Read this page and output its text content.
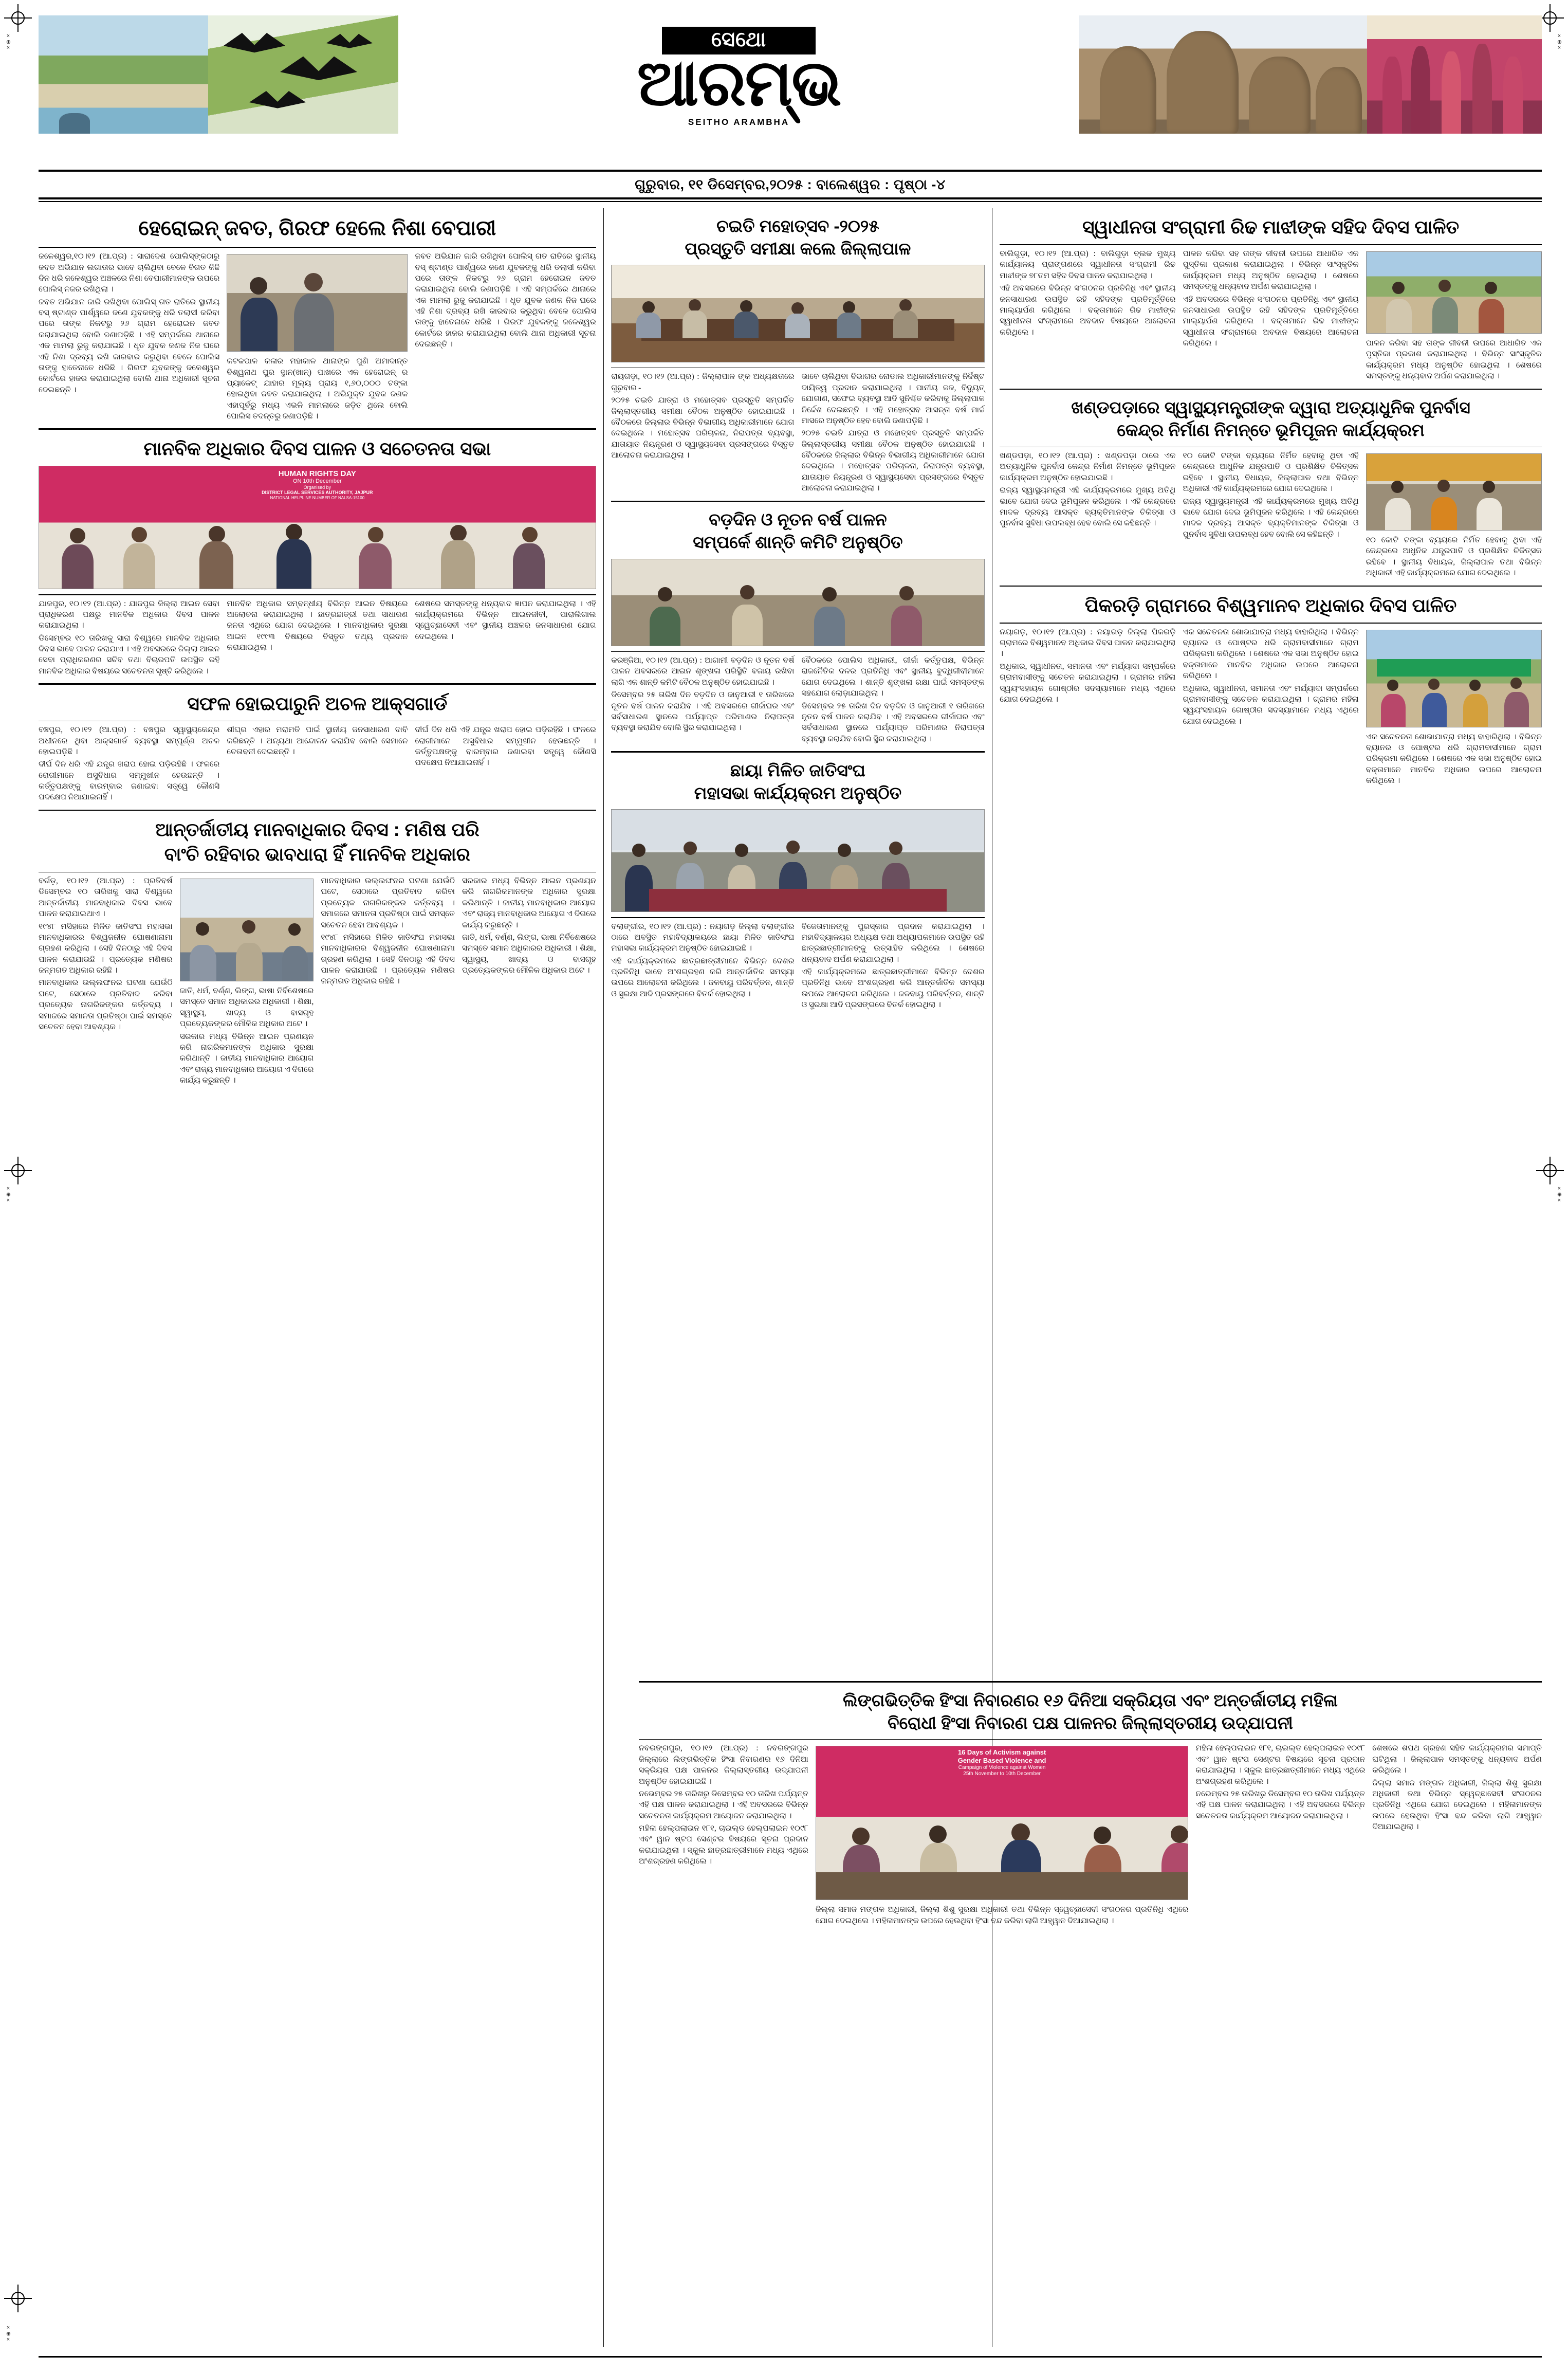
×⊕×	×⊕×
×⊕×	×⊕×
×⊕×
ସେଥୋ
ଆରମ୍ଭ
SEITHO ARAMBHA
ଗୁରୁବାର, ୧୧ ଡିସେମ୍ବର,୨୦୨୫ : ବାଲେଶ୍ୱର : ପୃଷ୍ଠା -୪
ହେରୋଇନ୍ ଜବତ, ଗିରଫ ହେଲେ ନିଶା ବେପାରୀ

ଜଳେଶ୍ୱର,୧୦।୧୨ (ଆ.ପ୍ର) : ସାରାଦେଶ ପୋଲିସ୍‌ଙ୍କଠାରୁ ଜବତ ଅଭିଯାନ ଲଗାତାର ଭାବେ ଚାଲିଥିବା ବେଳେ ବିଗତ କିଛି ଦିନ ଧରି ଜଳେଶ୍ୱର ଅଞ୍ଚଳରେ ନିଶା ବେପାରୀମାନଙ୍କ ଉପରେ ପୋଲିସ୍ ନଜର ରଖିଥିଲା ।

ଜବତ ଅଭିଯାନ ଜାରି ରଖିଥିବା ପୋଲିସ୍ ଗତ ରାତିରେ ସ୍ଥାନୀୟ ବସ୍ ଷ୍ଟାଣ୍ଡ ପାର୍ଶ୍ୱରେ ଜଣେ ଯୁବକଙ୍କୁ ଧରି ତଲାସୀ କରିବା ପରେ ତାଙ୍କ ନିକଟରୁ ୨୬ ଗ୍ରାମ ହେରୋଇନ ଜବତ କରାଯାଇଥିଲା ବୋଲି ଜଣାପଡ଼ିଛି । ଏହି ସମ୍ପର୍କରେ ଥାନାରେ ଏକ ମାମଲା ରୁଜୁ କରାଯାଇଛି । ଧୃତ ଯୁବକ ଜଣକ ନିଜ ଘରେ ଏହି ନିଶା ଦ୍ରବ୍ୟ ରଖି କାରବାର କରୁଥିବା ବେଳେ ପୋଲିସ ତାଙ୍କୁ ହାତେନାତେ ଧରିଛି । ଗିରଫ ଯୁବକଙ୍କୁ ଜଳେଶ୍ୱର କୋର୍ଟରେ ହାଜର କରାଯାଇଥିଲା ବୋଲି ଥାନା ଅଧିକାରୀ ସୂଚନା ଦେଇଛନ୍ତି ।

କଟକପାଳ କଳାର ମହାକାଳ ଥାନାଙ୍କ ପୁଣି ଅମାଦାନ୍ତ ବିଶ୍ୱନାଥ ପୁର ସ୍ଥାନ(ଖାନ୍) ପାଖରେ ଏକ ହେରୋଇନ୍ ର ପ୍ୟାକେଟ୍ ଯାହାର ମୂଲ୍ୟ ପ୍ରାୟ ୧,୬୦,୦୦୦ ଟଙ୍କା ହୋଇଥିବା ଜବତ କରାଯାଇଥିଲା । ଅଭିଯୁକ୍ତ ଯୁବକ ଜଣକ ଏହାପୂର୍ବରୁ ମଧ୍ୟ ଏଭଳି ମାମଲାରେ ଜଡ଼ିତ ଥିଲେ ବୋଲି ପୋଲିସ ତଦନ୍ତରୁ ଜଣାପଡ଼ିଛି ।

ଜବତ ଅଭିଯାନ ଜାରି ରଖିଥିବା ପୋଲିସ୍ ଗତ ରାତିରେ ସ୍ଥାନୀୟ ବସ୍ ଷ୍ଟାଣ୍ଡ ପାର୍ଶ୍ୱରେ ଜଣେ ଯୁବକଙ୍କୁ ଧରି ତଲାସୀ କରିବା ପରେ ତାଙ୍କ ନିକଟରୁ ୨୬ ଗ୍ରାମ ହେରୋଇନ ଜବତ କରାଯାଇଥିଲା ବୋଲି ଜଣାପଡ଼ିଛି । ଏହି ସମ୍ପର୍କରେ ଥାନାରେ ଏକ ମାମଲା ରୁଜୁ କରାଯାଇଛି । ଧୃତ ଯୁବକ ଜଣକ ନିଜ ଘରେ ଏହି ନିଶା ଦ୍ରବ୍ୟ ରଖି କାରବାର କରୁଥିବା ବେଳେ ପୋଲିସ ତାଙ୍କୁ ହାତେନାତେ ଧରିଛି । ଗିରଫ ଯୁବକଙ୍କୁ ଜଳେଶ୍ୱର କୋର୍ଟରେ ହାଜର କରାଯାଇଥିଲା ବୋଲି ଥାନା ଅଧିକାରୀ ସୂଚନା ଦେଇଛନ୍ତି ।

ମାନବିକ ଅଧିକାର ଦିବସ ପାଳନ ଓ ସଚେତନତା ସଭା
HUMAN RIGHTS DAY
ON 10th December
Organised by
DISTRICT LEGAL SERVICES AUTHORITY, JAJPUR
NATIONAL HELPLINE NUMBER OF NALSA-15100

ଯାଜପୁର, ୧୦।୧୨ (ଆ.ପ୍ର) : ଯାଜପୁର ଜିଲ୍ଲା ଆଇନ ସେବା ପ୍ରାଧିକରଣ ପକ୍ଷରୁ ମାନବିକ ଅଧିକାର ଦିବସ ପାଳନ କରାଯାଇଥିଲା ।

ଡିସେମ୍ବର ୧୦ ତାରିଖକୁ ସାରା ବିଶ୍ୱରେ ମାନବିକ ଅଧିକାର ଦିବସ ଭାବେ ପାଳନ କରାଯାଏ । ଏହି ଅବସରରେ ଜିଲ୍ଲା ଆଇନ ସେବା ପ୍ରାଧିକରଣର ସଚିବ ତଥା ବିଚାରପତି ଉପସ୍ଥିତ ରହି ମାନବିକ ଅଧିକାର ବିଷୟରେ ସଚେତନତା ସୃଷ୍ଟି କରିଥିଲେ ।

ମାନବିକ ଅଧିକାର ସମ୍ବନ୍ଧୀୟ ବିଭିନ୍ନ ଆଇନ ବିଷୟରେ ଆଲୋଚନା କରାଯାଇଥିଲା । ଛାତ୍ରଛାତ୍ରୀ ତଥା ସାଧାରଣ ଜନତା ଏଥିରେ ଯୋଗ ଦେଇଥିଲେ । ମାନବାଧିକାର ସୁରକ୍ଷା ଆଇନ ୧୯୯୩ ବିଷୟରେ ବିସ୍ତୃତ ତଥ୍ୟ ପ୍ରଦାନ କରାଯାଇଥିଲା ।

ଶେଷରେ ସମସ୍ତଙ୍କୁ ଧନ୍ୟବାଦ ଜ୍ଞାପନ କରାଯାଇଥିଲା । ଏହି କାର୍ଯ୍ୟକ୍ରମରେ ବିଭିନ୍ନ ଆଇନଜୀବୀ, ପାରାଲିଗାଲ ସ୍ୱେଚ୍ଛାସେବୀ ଏବଂ ସ୍ଥାନୀୟ ଅଞ୍ଚଳର ଜନସାଧାରଣ ଯୋଗ ଦେଇଥିଲେ ।

ସଫଳ ହୋଇପାରୁନି ଅଚଳ ଆକ୍ସଗାର୍ଡ

ବଞ୍ଚପୁର, ୧୦।୧୨ (ଆ.ପ୍ର) : ବଞ୍ଚପୁର ସ୍ୱାସ୍ଥ୍ୟକେନ୍ଦ୍ର ଅଧୀନରେ ଥିବା ଆକ୍ସଗାର୍ଡ ବ୍ୟବସ୍ଥା ସମ୍ପୂର୍ଣ୍ଣ ଅଚଳ ହୋଇପଡ଼ିଛି ।

ଦୀର୍ଘ ଦିନ ଧରି ଏହି ଯନ୍ତ୍ର ଖରାପ ହୋଇ ପଡ଼ିରହିଛି । ଫଳରେ ରୋଗୀମାନେ ଅସୁବିଧାର ସମ୍ମୁଖୀନ ହେଉଛନ୍ତି । କର୍ତ୍ତୃପକ୍ଷଙ୍କୁ ବାରମ୍ବାର ଜଣାଇବା ସତ୍ତ୍ୱେ କୌଣସି ପଦକ୍ଷେପ ନିଆଯାଇନାହିଁ ।

ଶୀଘ୍ର ଏହାର ମରାମତି ପାଇଁ ସ୍ଥାନୀୟ ଜନସାଧାରଣ ଦାବି କରିଛନ୍ତି । ଅନ୍ୟଥା ଆନ୍ଦୋଳନ କରାଯିବ ବୋଲି ସେମାନେ ଚେତାବନୀ ଦେଇଛନ୍ତି ।

ଦୀର୍ଘ ଦିନ ଧରି ଏହି ଯନ୍ତ୍ର ଖରାପ ହୋଇ ପଡ଼ିରହିଛି । ଫଳରେ ରୋଗୀମାନେ ଅସୁବିଧାର ସମ୍ମୁଖୀନ ହେଉଛନ୍ତି । କର୍ତ୍ତୃପକ୍ଷଙ୍କୁ ବାରମ୍ବାର ଜଣାଇବା ସତ୍ତ୍ୱେ କୌଣସି ପଦକ୍ଷେପ ନିଆଯାଇନାହିଁ ।

ଆନ୍ତର୍ଜାତୀୟ ମାନବାଧିକାର ଦିବସ : ମଣିଷ ପରି
ବାଂଚି ରହିବାର ଭାବଧାରା ହିଁ ମାନବିକ ଅଧିକାର

ବର୍ଗଡ଼, ୧୦।୧୨ (ଆ.ପ୍ର) : ପ୍ରତିବର୍ଷ ଡିସେମ୍ବର ୧୦ ତାରିଖକୁ ସାରା ବିଶ୍ୱରେ ଆନ୍ତର୍ଜାତୀୟ ମାନବାଧିକାର ଦିବସ ଭାବେ ପାଳନ କରାଯାଇଥାଏ ।

୧୯୪୮ ମସିହାରେ ମିଳିତ ଜାତିସଂଘ ମହାସଭା ମାନବାଧିକାରର ବିଶ୍ୱଜନୀନ ଘୋଷଣାନାମା ଗ୍ରହଣ କରିଥିଲା । ସେହି ଦିନଠାରୁ ଏହି ଦିବସ ପାଳନ କରାଯାଉଛି । ପ୍ରତ୍ୟେକ ମଣିଷର ଜନ୍ମଗତ ଅଧିକାର ରହିଛି ।

ମାନବାଧିକାର ଉଲ୍ଲଙ୍ଘନର ଘଟଣା ଯେଉଁଠି ଘଟେ, ସେଠାରେ ପ୍ରତିବାଦ କରିବା ପ୍ରତ୍ୟେକ ନାଗରିକଙ୍କର କର୍ତ୍ତବ୍ୟ । ସମାଜରେ ସମାନତା ପ୍ରତିଷ୍ଠା ପାଇଁ ସମସ୍ତେ ସଚେତନ ହେବା ଆବଶ୍ୟକ ।

ଜାତି, ଧର୍ମ, ବର୍ଣ୍ଣ, ଲିଙ୍ଗ, ଭାଷା ନିର୍ବିଶେଷରେ ସମସ୍ତେ ସମାନ ଅଧିକାରର ଅଧିକାରୀ । ଶିକ୍ଷା, ସ୍ୱାସ୍ଥ୍ୟ, ଖାଦ୍ୟ ଓ ବାସଗୃହ ପ୍ରତ୍ୟେକଙ୍କର ମୌଳିକ ଅଧିକାର ଅଟେ ।

ସରକାର ମଧ୍ୟ ବିଭିନ୍ନ ଆଇନ ପ୍ରଣୟନ କରି ନାଗରିକମାନଙ୍କ ଅଧିକାର ସୁରକ୍ଷା କରିଥାନ୍ତି । ଜାତୀୟ ମାନବାଧିକାର ଆୟୋଗ ଏବଂ ରାଜ୍ୟ ମାନବାଧିକାର ଆୟୋଗ ଏ ଦିଗରେ କାର୍ଯ୍ୟ କରୁଛନ୍ତି ।

ମାନବାଧିକାର ଉଲ୍ଲଙ୍ଘନର ଘଟଣା ଯେଉଁଠି ଘଟେ, ସେଠାରେ ପ୍ରତିବାଦ କରିବା ପ୍ରତ୍ୟେକ ନାଗରିକଙ୍କର କର୍ତ୍ତବ୍ୟ । ସମାଜରେ ସମାନତା ପ୍ରତିଷ୍ଠା ପାଇଁ ସମସ୍ତେ ସଚେତନ ହେବା ଆବଶ୍ୟକ ।

୧୯୪୮ ମସିହାରେ ମିଳିତ ଜାତିସଂଘ ମହାସଭା ମାନବାଧିକାରର ବିଶ୍ୱଜନୀନ ଘୋଷଣାନାମା ଗ୍ରହଣ କରିଥିଲା । ସେହି ଦିନଠାରୁ ଏହି ଦିବସ ପାଳନ କରାଯାଉଛି । ପ୍ରତ୍ୟେକ ମଣିଷର ଜନ୍ମଗତ ଅଧିକାର ରହିଛି ।

ସରକାର ମଧ୍ୟ ବିଭିନ୍ନ ଆଇନ ପ୍ରଣୟନ କରି ନାଗରିକମାନଙ୍କ ଅଧିକାର ସୁରକ୍ଷା କରିଥାନ୍ତି । ଜାତୀୟ ମାନବାଧିକାର ଆୟୋଗ ଏବଂ ରାଜ୍ୟ ମାନବାଧିକାର ଆୟୋଗ ଏ ଦିଗରେ କାର୍ଯ୍ୟ କରୁଛନ୍ତି ।

ଜାତି, ଧର୍ମ, ବର୍ଣ୍ଣ, ଲିଙ୍ଗ, ଭାଷା ନିର୍ବିଶେଷରେ ସମସ୍ତେ ସମାନ ଅଧିକାରର ଅଧିକାରୀ । ଶିକ୍ଷା, ସ୍ୱାସ୍ଥ୍ୟ, ଖାଦ୍ୟ ଓ ବାସଗୃହ ପ୍ରତ୍ୟେକଙ୍କର ମୌଳିକ ଅଧିକାର ଅଟେ ।

ଚଇତି ମହୋତ୍ସବ -୨୦୨୫
ପ୍ରସ୍ତୁତି ସମୀକ୍ଷା କଲେ ଜିଲ୍ଲାପାଳ

ରାୟଗଡ଼ା, ୧୦।୧୨ (ଆ.ପ୍ର) : ଜିଲ୍ଲାପାଳ ଙ୍କ ଅଧ୍ୟକ୍ଷତାରେ ଗୁରୁବାର -

୨୦୨୫ ଚଇତି ଯାତ୍ରା ଓ ମହୋତ୍ସବ ପ୍ରସ୍ତୁତି ସମ୍ପର୍କିତ ଜିଲ୍ଲାସ୍ତରୀୟ ସମୀକ୍ଷା ବୈଠକ ଅନୁଷ୍ଠିତ ହୋଇଯାଇଛି । ବୈଠକରେ ଜିଲ୍ଲାର ବିଭିନ୍ନ ବିଭାଗୀୟ ଅଧିକାରୀମାନେ ଯୋଗ ଦେଇଥିଲେ । ମହୋତ୍ସବ ପରିଚାଳନା, ନିରାପତ୍ତା ବ୍ୟବସ୍ଥା, ଯାତାୟାତ ନିୟନ୍ତ୍ରଣ ଓ ସ୍ୱାସ୍ଥ୍ୟସେବା ପ୍ରସଙ୍ଗରେ ବିସ୍ତୃତ ଆଲୋଚନା କରାଯାଇଥିଲା ।

ଭାବେ ଚାଲିଥିବା ବିଭାଗର ନୋଡାଲ ଅଧିକାରୀମାନଙ୍କୁ ନିର୍ଦ୍ଦିଷ୍ଟ ଦାୟିତ୍ୱ ପ୍ରଦାନ କରାଯାଇଥିଲା । ପାନୀୟ ଜଳ, ବିଦ୍ୟୁତ୍ ଯୋଗାଣ, ସଫେଇ ବ୍ୟବସ୍ଥା ଆଦି ସୁନିଶ୍ଚିତ କରିବାକୁ ଜିଲ୍ଲାପାଳ ନିର୍ଦ୍ଦେଶ ଦେଇଛନ୍ତି । ଏହି ମହୋତ୍ସବ ଆସନ୍ତା ବର୍ଷ ମାର୍ଚ୍ଚ ମାସରେ ଅନୁଷ୍ଠିତ ହେବ ବୋଲି ଜଣାପଡ଼ିଛି ।

୨୦୨୫ ଚଇତି ଯାତ୍ରା ଓ ମହୋତ୍ସବ ପ୍ରସ୍ତୁତି ସମ୍ପର୍କିତ ଜିଲ୍ଲାସ୍ତରୀୟ ସମୀକ୍ଷା ବୈଠକ ଅନୁଷ୍ଠିତ ହୋଇଯାଇଛି । ବୈଠକରେ ଜିଲ୍ଲାର ବିଭିନ୍ନ ବିଭାଗୀୟ ଅଧିକାରୀମାନେ ଯୋଗ ଦେଇଥିଲେ । ମହୋତ୍ସବ ପରିଚାଳନା, ନିରାପତ୍ତା ବ୍ୟବସ୍ଥା, ଯାତାୟାତ ନିୟନ୍ତ୍ରଣ ଓ ସ୍ୱାସ୍ଥ୍ୟସେବା ପ୍ରସଙ୍ଗରେ ବିସ୍ତୃତ ଆଲୋଚନା କରାଯାଇଥିଲା ।

ବଡ଼ଦିନ ଓ ନୂତନ ବର୍ଷ ପାଳନ
ସମ୍ପର୍କେ ଶାନ୍ତି କମିଟି ଅନୁଷ୍ଠିତ

କରଞ୍ଜିଆ, ୧୦।୧୨ (ଆ.ପ୍ର) : ଆଗାମୀ ବଡ଼ଦିନ ଓ ନୂତନ ବର୍ଷ ପାଳନ ଅବସରରେ ଆଇନ ଶୃଙ୍ଖଳା ପରିସ୍ଥିତି ବଜାୟ ରଖିବା ଲାଗି ଏକ ଶାନ୍ତି କମିଟି ବୈଠକ ଅନୁଷ୍ଠିତ ହୋଇଯାଇଛି ।

ଡିସେମ୍ବର ୨୫ ତାରିଖ ଦିନ ବଡ଼ଦିନ ଓ ଜାନୁଆରୀ ୧ ତାରିଖରେ ନୂତନ ବର୍ଷ ପାଳନ କରାଯିବ । ଏହି ଅବସରରେ ଗୀର୍ଜାଘର ଏବଂ ସର୍ବସାଧାରଣ ସ୍ଥାନରେ ପର୍ଯ୍ୟାପ୍ତ ପରିମାଣର ନିରାପତ୍ତା ବ୍ୟବସ୍ଥା କରାଯିବ ବୋଲି ସ୍ଥିର କରାଯାଇଥିଲା ।

ବୈଠକରେ ପୋଲିସ ଅଧିକାରୀ, ଗୀର୍ଜା କର୍ତ୍ତୃପକ୍ଷ, ବିଭିନ୍ନ ରାଜନୈତିକ ଦଳର ପ୍ରତିନିଧି ଏବଂ ସ୍ଥାନୀୟ ବୁଦ୍ଧିଜୀବୀମାନେ ଯୋଗ ଦେଇଥିଲେ । ଶାନ୍ତି ଶୃଙ୍ଖଳା ରକ୍ଷା ପାଇଁ ସମସ୍ତଙ୍କ ସହଯୋଗ ଲୋଡ଼ାଯାଇଥିଲା ।

ଡିସେମ୍ବର ୨୫ ତାରିଖ ଦିନ ବଡ଼ଦିନ ଓ ଜାନୁଆରୀ ୧ ତାରିଖରେ ନୂତନ ବର୍ଷ ପାଳନ କରାଯିବ । ଏହି ଅବସରରେ ଗୀର୍ଜାଘର ଏବଂ ସର୍ବସାଧାରଣ ସ୍ଥାନରେ ପର୍ଯ୍ୟାପ୍ତ ପରିମାଣର ନିରାପତ୍ତା ବ୍ୟବସ୍ଥା କରାଯିବ ବୋଲି ସ୍ଥିର କରାଯାଇଥିଲା ।

ଛାୟା ମିଳିତ ଜାତିସଂଘ
ମହାସଭା କାର୍ଯ୍ୟକ୍ରମ ଅନୁଷ୍ଠିତ

ବଲାଙ୍ଗୀର, ୧୦।୧୨ (ଆ.ପ୍ର) : ନୟାଗଡ଼ ଜିଲ୍ଲା ବଲାଙ୍ଗୀର ଠାରେ ଅବସ୍ଥିତ ମହାବିଦ୍ୟାଳୟରେ ଛାୟା ମିଳିତ ଜାତିସଂଘ ମହାସଭା କାର୍ଯ୍ୟକ୍ରମ ଅନୁଷ୍ଠିତ ହୋଇଯାଇଛି ।

ଏହି କାର୍ଯ୍ୟକ୍ରମରେ ଛାତ୍ରଛାତ୍ରୀମାନେ ବିଭିନ୍ନ ଦେଶର ପ୍ରତିନିଧି ଭାବେ ଅଂଶଗ୍ରହଣ କରି ଆନ୍ତର୍ଜାତିକ ସମସ୍ୟା ଉପରେ ଆଲୋଚନା କରିଥିଲେ । ଜଳବାୟୁ ପରିବର୍ତ୍ତନ, ଶାନ୍ତି ଓ ସୁରକ୍ଷା ଆଦି ପ୍ରସଙ୍ଗରେ ବିତର୍କ ହୋଇଥିଲା ।

ବିଜେତାମାନଙ୍କୁ ପୁରସ୍କାର ପ୍ରଦାନ କରାଯାଇଥିଲା । ମହାବିଦ୍ୟାଳୟର ଅଧ୍ୟକ୍ଷ ତଥା ଅଧ୍ୟାପକମାନେ ଉପସ୍ଥିତ ରହି ଛାତ୍ରଛାତ୍ରୀମାନଙ୍କୁ ଉତ୍ସାହିତ କରିଥିଲେ । ଶେଷରେ ଧନ୍ୟବାଦ ଅର୍ପଣ କରାଯାଇଥିଲା ।

ଏହି କାର୍ଯ୍ୟକ୍ରମରେ ଛାତ୍ରଛାତ୍ରୀମାନେ ବିଭିନ୍ନ ଦେଶର ପ୍ରତିନିଧି ଭାବେ ଅଂଶଗ୍ରହଣ କରି ଆନ୍ତର୍ଜାତିକ ସମସ୍ୟା ଉପରେ ଆଲୋଚନା କରିଥିଲେ । ଜଳବାୟୁ ପରିବର୍ତ୍ତନ, ଶାନ୍ତି ଓ ସୁରକ୍ଷା ଆଦି ପ୍ରସଙ୍ଗରେ ବିତର୍କ ହୋଇଥିଲା ।

ସ୍ୱାଧୀନତା ସଂଗ୍ରାମୀ ରିଢ ମାଝୀଙ୍କ ସହିଦ ଦିବସ ପାଳିତ

ବାଲିଗୁଡ଼ା, ୧୦।୧୨ (ଆ.ପ୍ର) : ବାଲିଗୁଡ଼ା ବ୍ଲକ ମୁଖ୍ୟ କାର୍ଯ୍ୟାଳୟ ପ୍ରାଙ୍ଗଣରେ ସ୍ୱାଧୀନତା ସଂଗ୍ରାମୀ ରିଢ ମାଝୀଙ୍କ ୭୮ତମ ସହିଦ ଦିବସ ପାଳନ କରାଯାଇଥିଲା ।

ଏହି ଅବସରରେ ବିଭିନ୍ନ ସଂଗଠନର ପ୍ରତିନିଧି ଏବଂ ସ୍ଥାନୀୟ ଜନସାଧାରଣ ଉପସ୍ଥିତ ରହି ସହିଦଙ୍କ ପ୍ରତିମୂର୍ତ୍ତିରେ ମାଲ୍ୟାର୍ପଣ କରିଥିଲେ । ବକ୍ତାମାନେ ରିଢ ମାଝୀଙ୍କ ସ୍ୱାଧୀନତା ସଂଗ୍ରାମରେ ଅବଦାନ ବିଷୟରେ ଆଲୋଚନା କରିଥିଲେ ।

ପାଳନ କରିବା ସହ ତାଙ୍କ ଜୀବନୀ ଉପରେ ଆଧାରିତ ଏକ ପୁସ୍ତିକା ପ୍ରକାଶ କରାଯାଇଥିଲା । ବିଭିନ୍ନ ସାଂସ୍କୃତିକ କାର୍ଯ୍ୟକ୍ରମ ମଧ୍ୟ ଅନୁଷ୍ଠିତ ହୋଇଥିଲା । ଶେଷରେ ସମସ୍ତଙ୍କୁ ଧନ୍ୟବାଦ ଅର୍ପଣ କରାଯାଇଥିଲା ।

ଏହି ଅବସରରେ ବିଭିନ୍ନ ସଂଗଠନର ପ୍ରତିନିଧି ଏବଂ ସ୍ଥାନୀୟ ଜନସାଧାରଣ ଉପସ୍ଥିତ ରହି ସହିଦଙ୍କ ପ୍ରତିମୂର୍ତ୍ତିରେ ମାଲ୍ୟାର୍ପଣ କରିଥିଲେ । ବକ୍ତାମାନେ ରିଢ ମାଝୀଙ୍କ ସ୍ୱାଧୀନତା ସଂଗ୍ରାମରେ ଅବଦାନ ବିଷୟରେ ଆଲୋଚନା କରିଥିଲେ ।	ପାଳନ କରିବା ସହ ତାଙ୍କ ଜୀବନୀ ଉପରେ ଆଧାରିତ ଏକ ପୁସ୍ତିକା ପ୍ରକାଶ କରାଯାଇଥିଲା । ବିଭିନ୍ନ ସାଂସ୍କୃତିକ କାର୍ଯ୍ୟକ୍ରମ ମଧ୍ୟ ଅନୁଷ୍ଠିତ ହୋଇଥିଲା । ଶେଷରେ ସମସ୍ତଙ୍କୁ ଧନ୍ୟବାଦ ଅର୍ପଣ କରାଯାଇଥିଲା ।

ଖଣ୍ଡପଡ଼ାରେ ସ୍ୱାସ୍ଥ୍ୟମନ୍ତ୍ରୀଙ୍କ ଦ୍ୱାରା ଅତ୍ୟାଧୁନିକ ପୁନର୍ବାସ
କେନ୍ଦ୍ର ନିର୍ମାଣ ନିମନ୍ତେ ଭୂମିପୂଜନ କାର୍ଯ୍ୟକ୍ରମ

ଖଣ୍ଡପଡ଼ା, ୧୦।୧୨ (ଆ.ପ୍ର) : ଖଣ୍ଡପଡ଼ା ଠାରେ ଏକ ଅତ୍ୟାଧୁନିକ ପୁନର୍ବାସ କେନ୍ଦ୍ର ନିର୍ମାଣ ନିମନ୍ତେ ଭୂମିପୂଜନ କାର୍ଯ୍ୟକ୍ରମ ଅନୁଷ୍ଠିତ ହୋଇଯାଇଛି ।

ରାଜ୍ୟ ସ୍ୱାସ୍ଥ୍ୟମନ୍ତ୍ରୀ ଏହି କାର୍ଯ୍ୟକ୍ରମରେ ମୁଖ୍ୟ ଅତିଥି ଭାବେ ଯୋଗ ଦେଇ ଭୂମିପୂଜନ କରିଥିଲେ । ଏହି କେନ୍ଦ୍ରରେ ମାଦକ ଦ୍ରବ୍ୟ ଆସକ୍ତ ବ୍ୟକ୍ତିମାନଙ୍କ ଚିକିତ୍ସା ଓ ପୁନର୍ବାସ ସୁବିଧା ଉପଲବ୍ଧ ହେବ ବୋଲି ସେ କହିଛନ୍ତି ।

୧୦ କୋଟି ଟଙ୍କା ବ୍ୟୟରେ ନିର୍ମିତ ହେବାକୁ ଥିବା ଏହି କେନ୍ଦ୍ରରେ ଆଧୁନିକ ଯନ୍ତ୍ରପାତି ଓ ପ୍ରଶିକ୍ଷିତ ଚିକିତ୍ସକ ରହିବେ । ସ୍ଥାନୀୟ ବିଧାୟକ, ଜିଲ୍ଲାପାଳ ତଥା ବିଭିନ୍ନ ଅଧିକାରୀ ଏହି କାର୍ଯ୍ୟକ୍ରମରେ ଯୋଗ ଦେଇଥିଲେ ।

ରାଜ୍ୟ ସ୍ୱାସ୍ଥ୍ୟମନ୍ତ୍ରୀ ଏହି କାର୍ଯ୍ୟକ୍ରମରେ ମୁଖ୍ୟ ଅତିଥି ଭାବେ ଯୋଗ ଦେଇ ଭୂମିପୂଜନ କରିଥିଲେ । ଏହି କେନ୍ଦ୍ରରେ ମାଦକ ଦ୍ରବ୍ୟ ଆସକ୍ତ ବ୍ୟକ୍ତିମାନଙ୍କ ଚିକିତ୍ସା ଓ ପୁନର୍ବାସ ସୁବିଧା ଉପଲବ୍ଧ ହେବ ବୋଲି ସେ କହିଛନ୍ତି ।

୧୦ କୋଟି ଟଙ୍କା ବ୍ୟୟରେ ନିର୍ମିତ ହେବାକୁ ଥିବା ଏହି କେନ୍ଦ୍ରରେ ଆଧୁନିକ ଯନ୍ତ୍ରପାତି ଓ ପ୍ରଶିକ୍ଷିତ ଚିକିତ୍ସକ ରହିବେ । ସ୍ଥାନୀୟ ବିଧାୟକ, ଜିଲ୍ଲାପାଳ ତଥା ବିଭିନ୍ନ ଅଧିକାରୀ ଏହି କାର୍ଯ୍ୟକ୍ରମରେ ଯୋଗ ଦେଇଥିଲେ ।

ପିକରଡ଼ି ଗ୍ରାମରେ ବିଶ୍ୱମାନବ ଅଧିକାର ଦିବସ ପାଳିତ

ନୟାଗଡ଼, ୧୦।୧୨ (ଆ.ପ୍ର) : ନୟାଗଡ଼ ଜିଲ୍ଲା ପିକରଡ଼ି ଗ୍ରାମରେ ବିଶ୍ୱମାନବ ଅଧିକାର ଦିବସ ପାଳନ କରାଯାଇଥିଲା ।

ଅଧିକାର, ସ୍ୱାଧୀନତା, ସମାନତା ଏବଂ ମର୍ଯ୍ୟାଦା ସମ୍ପର୍କରେ ଗ୍ରାମବାସୀଙ୍କୁ ସଚେତନ କରାଯାଇଥିଲା । ଗ୍ରାମର ମହିଳା ସ୍ୱୟଂସହାୟକ ଗୋଷ୍ଠୀର ସଦସ୍ୟାମାନେ ମଧ୍ୟ ଏଥିରେ ଯୋଗ ଦେଇଥିଲେ ।

ଏକ ସଚେତନତା ଶୋଭାଯାତ୍ରା ମଧ୍ୟ ବାହାରିଥିଲା । ବିଭିନ୍ନ ବ୍ୟାନର ଓ ପୋଷ୍ଟର ଧରି ଗ୍ରାମବାସୀମାନେ ଗ୍ରାମ ପରିକ୍ରମା କରିଥିଲେ । ଶେଷରେ ଏକ ସଭା ଅନୁଷ୍ଠିତ ହୋଇ ବକ୍ତାମାନେ ମାନବିକ ଅଧିକାର ଉପରେ ଆଲୋଚନା କରିଥିଲେ ।

ଅଧିକାର, ସ୍ୱାଧୀନତା, ସମାନତା ଏବଂ ମର୍ଯ୍ୟାଦା ସମ୍ପର୍କରେ ଗ୍ରାମବାସୀଙ୍କୁ ସଚେତନ କରାଯାଇଥିଲା । ଗ୍ରାମର ମହିଳା ସ୍ୱୟଂସହାୟକ ଗୋଷ୍ଠୀର ସଦସ୍ୟାମାନେ ମଧ୍ୟ ଏଥିରେ ଯୋଗ ଦେଇଥିଲେ ।

ଏକ ସଚେତନତା ଶୋଭାଯାତ୍ରା ମଧ୍ୟ ବାହାରିଥିଲା । ବିଭିନ୍ନ ବ୍ୟାନର ଓ ପୋଷ୍ଟର ଧରି ଗ୍ରାମବାସୀମାନେ ଗ୍ରାମ ପରିକ୍ରମା କରିଥିଲେ । ଶେଷରେ ଏକ ସଭା ଅନୁଷ୍ଠିତ ହୋଇ ବକ୍ତାମାନେ ମାନବିକ ଅଧିକାର ଉପରେ ଆଲୋଚନା କରିଥିଲେ ।

ଲିଙ୍ଗଭିତ୍ତିକ ହିଂସା ନିବାରଣର ୧୬ ଦିନିଆ ସକ୍ରିୟତା ଏବଂ ଅନ୍ତର୍ଜାତୀୟ ମହିଳା
ବିରୋଧୀ ହିଂସା ନିବାରଣ ପକ୍ଷ ପାଳନର ଜିଲ୍ଲାସ୍ତରୀୟ ଉଦ୍‌ଯାପନୀ

ନବରଙ୍ଗପୁର, ୧୦।୧୨ (ଆ.ପ୍ର) : ନବରଙ୍ଗପୁର ଜିଲ୍ଲାରେ ଲିଙ୍ଗଭିତ୍ତିକ ହିଂସା ନିବାରଣର ୧୬ ଦିନିଆ ସକ୍ରିୟତା ପକ୍ଷ ପାଳନର ଜିଲ୍ଲାସ୍ତରୀୟ ଉଦ୍‌ଯାପନୀ ଅନୁଷ୍ଠିତ ହୋଇଯାଇଛି ।

ନଭେମ୍ବର ୨୫ ତାରିଖରୁ ଡିସେମ୍ବର ୧୦ ତାରିଖ ପର୍ଯ୍ୟନ୍ତ ଏହି ପକ୍ଷ ପାଳନ କରାଯାଇଥିଲା । ଏହି ଅବସରରେ ବିଭିନ୍ନ ସଚେତନତା କାର୍ଯ୍ୟକ୍ରମ ଆୟୋଜନ କରାଯାଇଥିଲା ।

ମହିଳା ହେଲ୍ପଲାଇନ ୧୮୧, ଚାଇଲ୍ଡ ହେଲ୍ପଲାଇନ ୧୦୯୮ ଏବଂ ୱାନ ଷ୍ଟପ ସେଣ୍ଟର ବିଷୟରେ ସୂଚନା ପ୍ରଦାନ କରାଯାଇଥିଲା । ସ୍କୁଲ ଛାତ୍ରଛାତ୍ରୀମାନେ ମଧ୍ୟ ଏଥିରେ ଅଂଶଗ୍ରହଣ କରିଥିଲେ ।

16 Days of Activism against
Gender Based Violence and
Campaign of Violence against Women
25th November to 10th December

ଜିଲ୍ଲା ସମାଜ ମଙ୍ଗଳ ଅଧିକାରୀ, ଜିଲ୍ଲା ଶିଶୁ ସୁରକ୍ଷା ଅଧିକାରୀ ତଥା ବିଭିନ୍ନ ସ୍ୱେଚ୍ଛାସେବୀ ସଂଗଠନର ପ୍ରତିନିଧି ଏଥିରେ ଯୋଗ ଦେଇଥିଲେ । ମହିଳାମାନଙ୍କ ଉପରେ ହେଉଥିବା ହିଂସା ବନ୍ଦ କରିବା ଲାଗି ଆହ୍ୱାନ ଦିଆଯାଇଥିଲା ।

ମହିଳା ହେଲ୍ପଲାଇନ ୧୮୧, ଚାଇଲ୍ଡ ହେଲ୍ପଲାଇନ ୧୦୯୮ ଏବଂ ୱାନ ଷ୍ଟପ ସେଣ୍ଟର ବିଷୟରେ ସୂଚନା ପ୍ରଦାନ କରାଯାଇଥିଲା । ସ୍କୁଲ ଛାତ୍ରଛାତ୍ରୀମାନେ ମଧ୍ୟ ଏଥିରେ ଅଂଶଗ୍ରହଣ କରିଥିଲେ ।

ନଭେମ୍ବର ୨୫ ତାରିଖରୁ ଡିସେମ୍ବର ୧୦ ତାରିଖ ପର୍ଯ୍ୟନ୍ତ ଏହି ପକ୍ଷ ପାଳନ କରାଯାଇଥିଲା । ଏହି ଅବସରରେ ବିଭିନ୍ନ ସଚେତନତା କାର୍ଯ୍ୟକ୍ରମ ଆୟୋଜନ କରାଯାଇଥିଲା ।

ଶେଷରେ ଶପଥ ଗ୍ରହଣ ସହିତ କାର୍ଯ୍ୟକ୍ରମର ସମାପ୍ତି ଘଟିଥିଲା । ଜିଲ୍ଲାପାଳ ସମସ୍ତଙ୍କୁ ଧନ୍ୟବାଦ ଅର୍ପଣ କରିଥିଲେ ।

ଜିଲ୍ଲା ସମାଜ ମଙ୍ଗଳ ଅଧିକାରୀ, ଜିଲ୍ଲା ଶିଶୁ ସୁରକ୍ଷା ଅଧିକାରୀ ତଥା ବିଭିନ୍ନ ସ୍ୱେଚ୍ଛାସେବୀ ସଂଗଠନର ପ୍ରତିନିଧି ଏଥିରେ ଯୋଗ ଦେଇଥିଲେ । ମହିଳାମାନଙ୍କ ଉପରେ ହେଉଥିବା ହିଂସା ବନ୍ଦ କରିବା ଲାଗି ଆହ୍ୱାନ ଦିଆଯାଇଥିଲା ।
